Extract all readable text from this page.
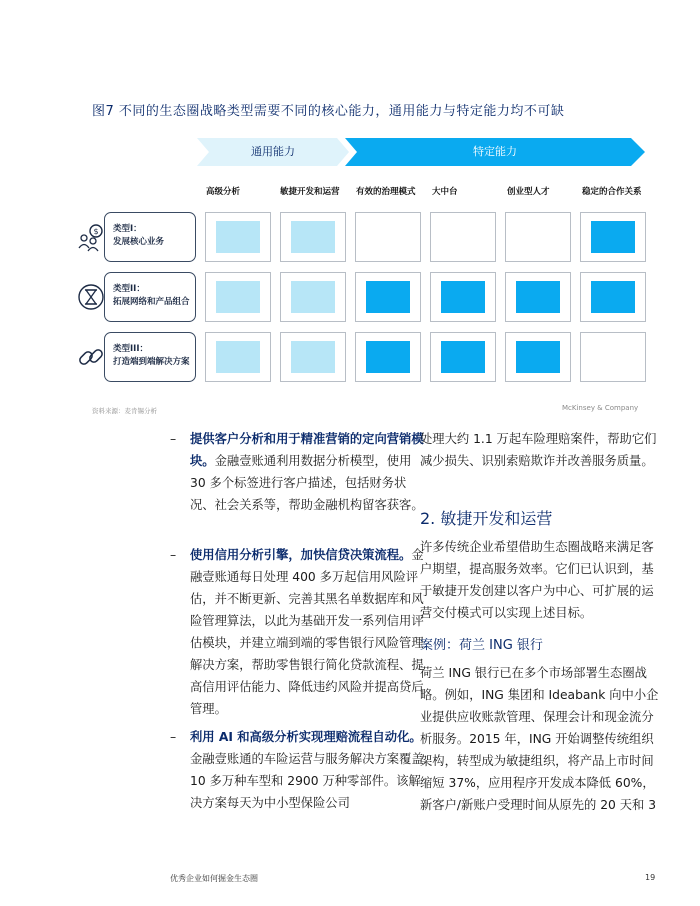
图7 不同的生态圈战略类型需要不同的核心能力，通用能力与特定能力均不可缺
通用能力	特定能力
高级分析	敏捷开发和运营 有效的治理模式 大中台	创业型人才	稳定的合作关系
$ 类型I：
发展核心业务
类型II：
拓展网络和产品组合
类型III：
打造端到端解决方案
资料来源：麦肯锡分析	McKinsey & Company
– 提供客户分析和用于精准营销的定向营销模块。金融壹账通利用数据分析模型，使用 30 多个标签进行客户描述，包括财务状况、社会关系等，帮助金融机构留客获客。
– 使用信用分析引擎，加快信贷决策流程。金融壹账通每日处理 400 多万起信用风险评估，并不断更新、完善其黑名单数据库和风险管理算法，以此为基础开发一系列信用评估模块，并建立端到端的零售银行风险管理解决方案，帮助零售银行简化贷款流程、提高信用评估能力、降低违约风险并提高贷后管理。
– 利用 AI 和高级分析实现理赔流程自动化。金融壹账通的车险运营与服务解决方案覆盖 10 多万种车型和 2900 万种零部件。该解决方案每天为中小型保险公司
处理大约 1.1 万起车险理赔案件，帮助它们减少损失、识别索赔欺诈并改善服务质量。
2. 敏捷开发和运营
许多传统企业希望借助生态圈战略来满足客户期望，提高服务效率。它们已认识到，基于敏捷开发创建以客户为中心、可扩展的运营交付模式可以实现上述目标。
案例：荷兰 ING 银行
荷兰 ING 银行已在多个市场部署生态圈战略。例如，ING 集团和 Ideabank 向中小企业提供应收账款管理、保理会计和现金流分析服务。2015 年，ING 开始调整传统组织架构，转型成为敏捷组织，将产品上市时间缩短 37%，应用程序开发成本降低 60%，新客户/新账户受理时间从原先的 20 天和 3
优秀企业如何掘金生态圈	19
